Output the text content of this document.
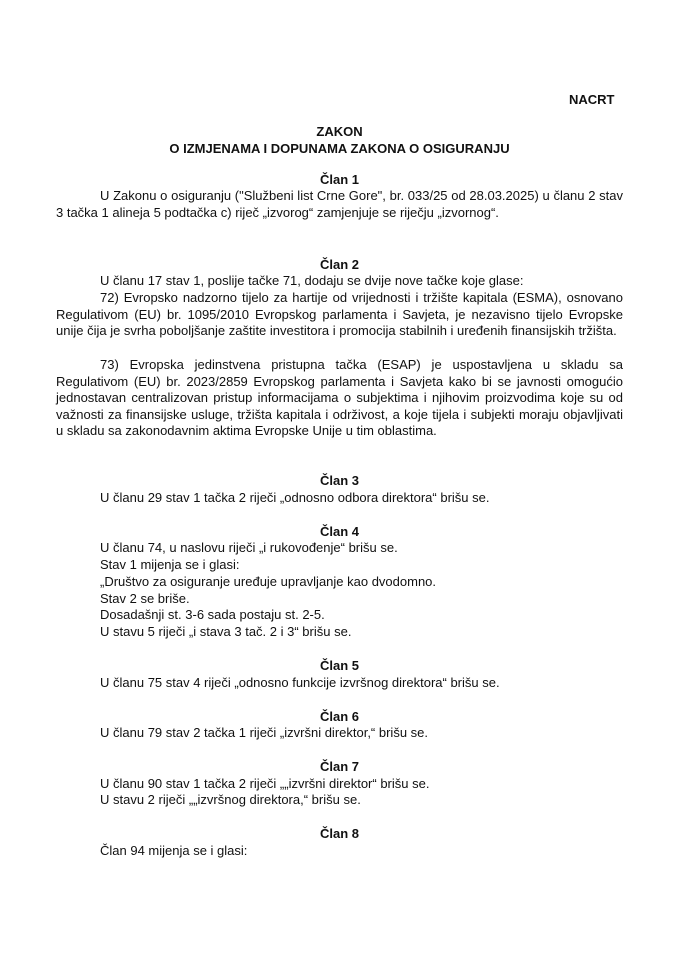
NACRT
ZAKON
O IZMJENAMA I DOPUNAMA ZAKONA O OSIGURANJU
Član 1
U Zakonu o osiguranju ("Službeni list Crne Gore", br. 033/25 od 28.03.2025) u članu 2 stav 3 tačka 1 alineja 5 podtačka c) riječ „izvorog“ zamjenjuje se riječju „izvornog“.
Član 2
U članu 17 stav 1, poslije tačke 71, dodaju se dvije nove tačke koje glase:
72) Evropsko nadzorno tijelo za hartije od vrijednosti i tržište kapitala (ESMA), osnovano Regulativom (EU) br. 1095/2010 Evropskog parlamenta i Savjeta, je nezavisno tijelo Evropske unije čija je svrha poboljšanje zaštite investitora i promocija stabilnih i uređenih finansijskih tržišta.
73) Evropska jedinstvena pristupna tačka (ESAP) je uspostavljena u skladu sa Regulativom (EU) br. 2023/2859 Evropskog parlamenta i Savjeta kako bi se javnosti omogućio jednostavan centralizovan pristup informacijama o subjektima i njihovim proizvodima koje su od važnosti za finansijske usluge, tržišta kapitala i održivost, a koje tijela i subjekti moraju objavljivati u skladu sa zakonodavnim aktima Evropske Unije u tim oblastima.
Član 3
U članu 29 stav 1 tačka 2 riječi „odnosno odbora direktora“ brišu se.
Član 4
U članu 74, u naslovu riječi „i rukovođenje“ brišu se.
Stav 1 mijenja se i glasi:
„Društvo za osiguranje uređuje upravljanje kao dvodomno.
Stav 2 se briše.
Dosadašnji st. 3-6 sada postaju st. 2-5.
U stavu 5 riječi „i stava 3 tač. 2 i 3“ brišu se.
Član 5
U članu 75 stav 4 riječi „odnosno funkcije izvršnog direktora“ brišu se.
Član 6
U članu 79 stav 2 tačka 1 riječi „izvršni direktor,“ brišu se.
Član 7
U članu 90 stav 1 tačka 2 riječi „„izvršni direktor“ brišu se.
U stavu 2 riječi „„izvršnog direktora,“ brišu se.
Član 8
Član 94 mijenja se i glasi:
